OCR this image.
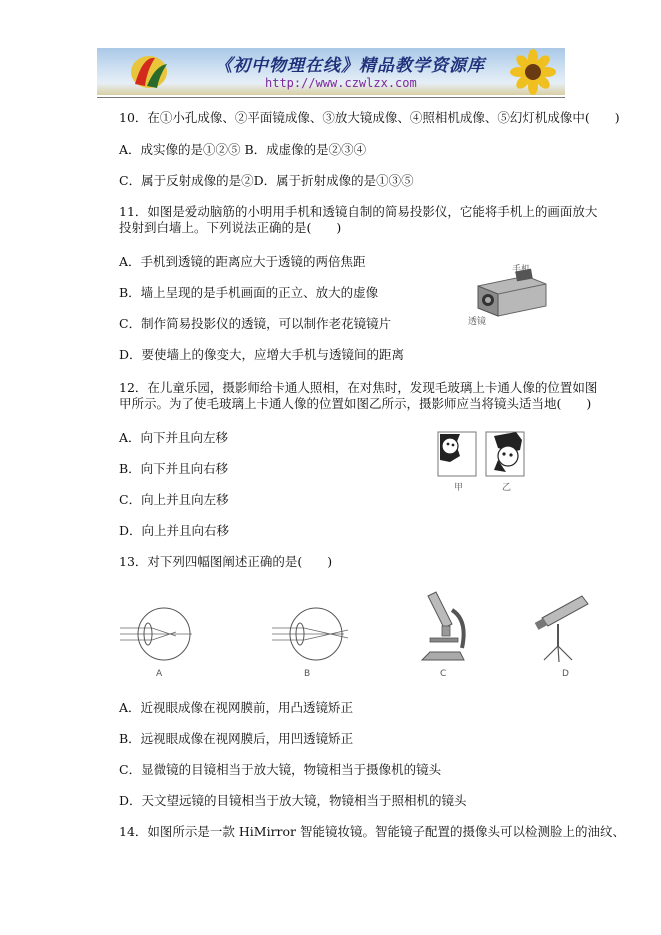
《初中物理在线》精品教学资源库
http://www.czwlzx.com
10．在①小孔成像、②平面镜成像、③放大镜成像、④照相机成像、⑤幻灯机成像中(　　)
A．成实像的是①②⑤ B．成虚像的是②③④
C．属于反射成像的是②D．属于折射成像的是①③⑤
11．如图是爱动脑筋的小明用手机和透镜自制的简易投影仪，它能将手机上的画面放大
投射到白墙上。下列说法正确的是(　　)
A．手机到透镜的距离应大于透镜的两倍焦距
B．墙上呈现的是手机画面的正立、放大的虚像
C．制作简易投影仪的透镜，可以制作老花镜镜片
D．要使墙上的像变大，应增大手机与透镜间的距离
手机
透镜
12．在儿童乐园，摄影师给卡通人照相，在对焦时，发现毛玻璃上卡通人像的位置如图
甲所示。为了使毛玻璃上卡通人像的位置如图乙所示，摄影师应当将镜头适当地(　　)
A．向下并且向左移
B．向下并且向右移
C．向上并且向左移
D．向上并且向右移
甲	乙
13．对下列四幅图阐述正确的是(　　)
A	B	C	D
A．近视眼成像在视网膜前，用凸透镜矫正
B．远视眼成像在视网膜后，用凹透镜矫正
C．显微镜的目镜相当于放大镜，物镜相当于摄像机的镜头
D．天文望远镜的目镜相当于放大镜，物镜相当于照相机的镜头
14．如图所示是一款 HiMirror 智能镜妆镜。智能镜子配置的摄像头可以检测脸上的油纹、
